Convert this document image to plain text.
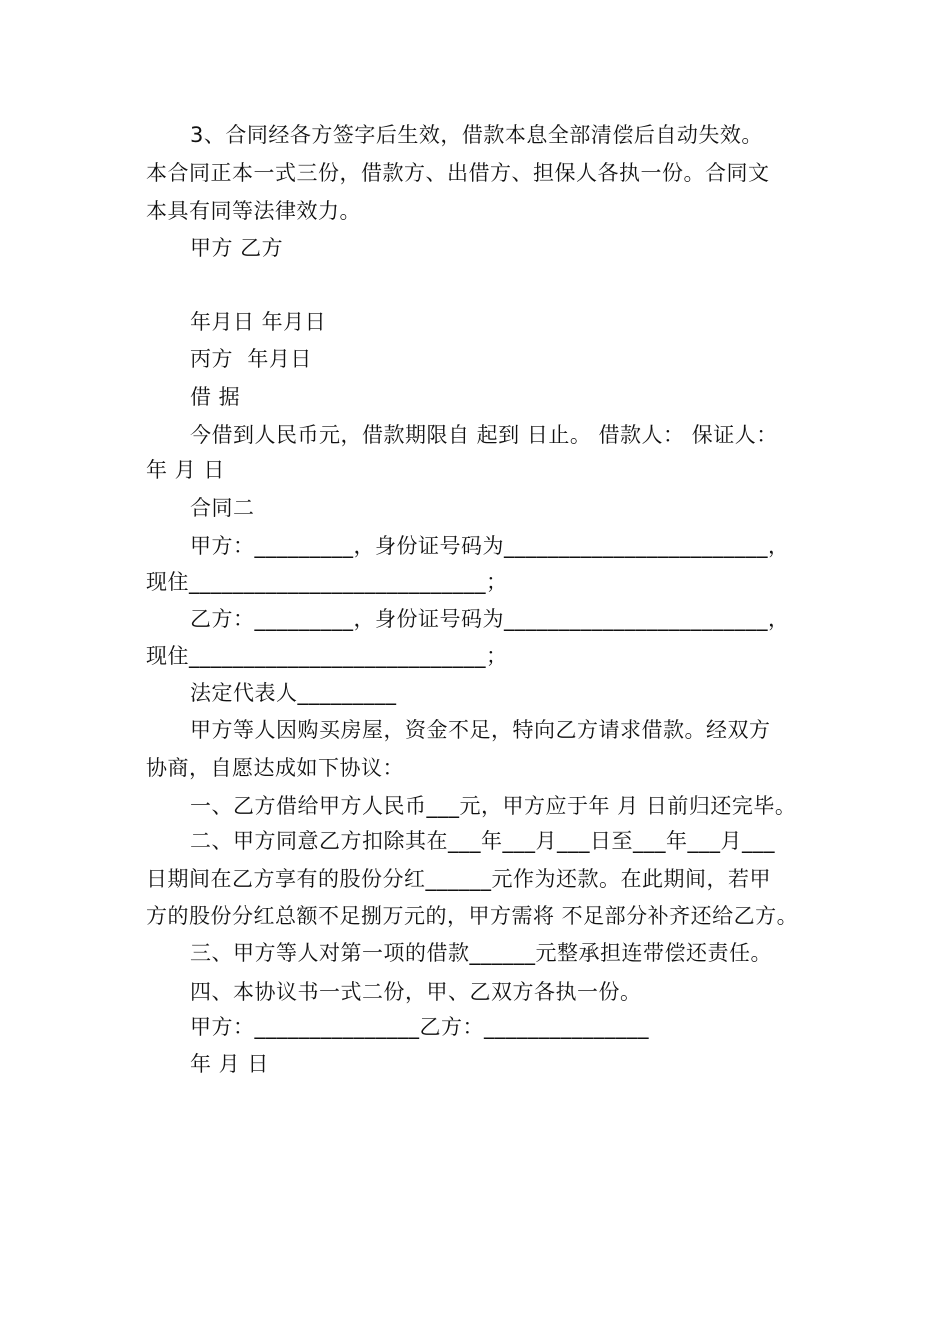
3、合同经各方签字后生效，借款本息全部清偿后自动失效。
本合同正本一式三份，借款方、出借方、担保人各执一份。合同文
本具有同等法律效力。
甲方 乙方
年月日 年月日
丙方  年月日
借 据
今借到人民币元，借款期限自 起到 日止。 借款人： 保证人：
年 月 日
合同二
甲方：_________，身份证号码为________________________，
现住___________________________；
乙方：_________，身份证号码为________________________，
现住___________________________；
法定代表人_________
甲方等人因购买房屋，资金不足，特向乙方请求借款。经双方
协商，自愿达成如下协议：
一、乙方借给甲方人民币___元，甲方应于年 月 日前归还完毕。
二、甲方同意乙方扣除其在___年___月___日至___年___月___
日期间在乙方享有的股份分红______元作为还款。在此期间，若甲
方的股份分红总额不足捌万元的，甲方需将 不足部分补齐还给乙方。
三、甲方等人对第一项的借款______元整承担连带偿还责任。
四、本协议书一式二份，甲、乙双方各执一份。
甲方：_______________乙方：_______________
年 月 日
